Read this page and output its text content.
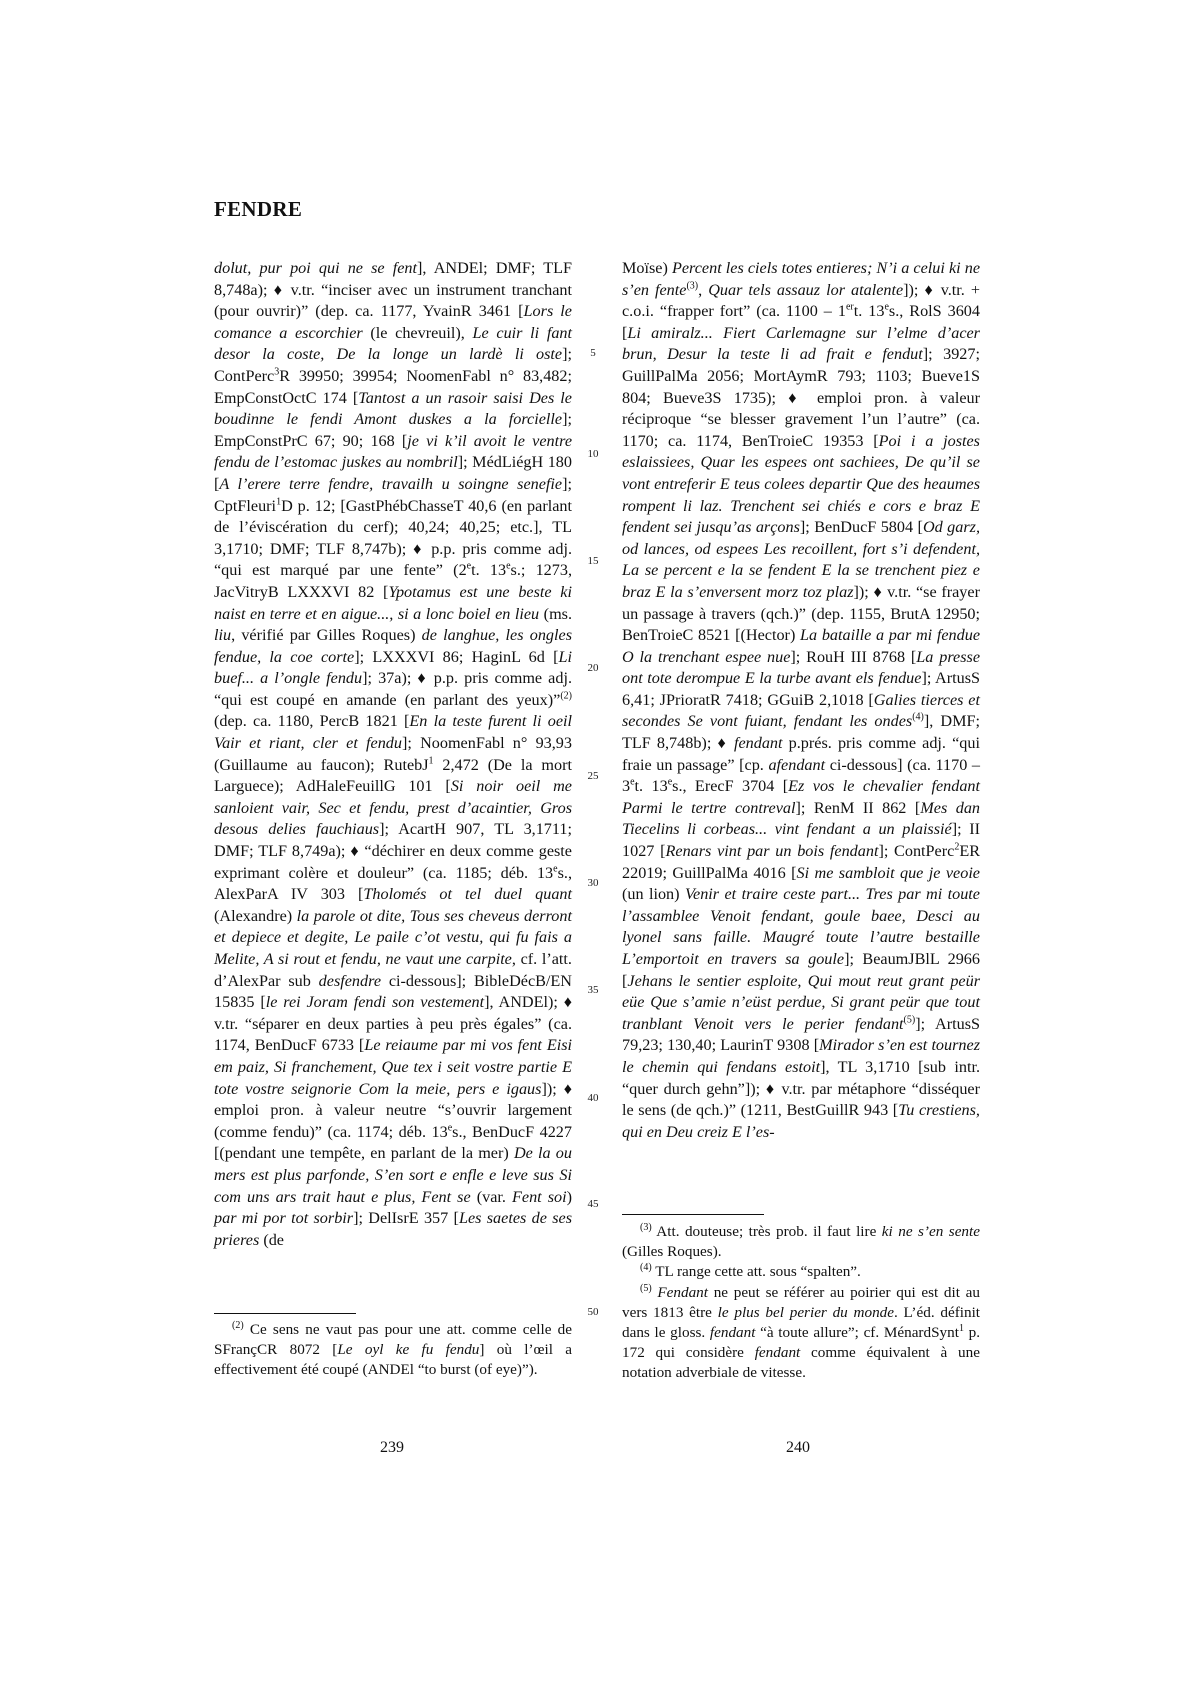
FENDRE

dolut, pur poi qui ne se fent], ANDEl; DMF; TLF 8,748a); ♦ v.tr. “inciser avec un instrument tranchant (pour ouvrir)” (dep. ca. 1177, YvainR 3461 [Lors le comance a escorchier (le chevreuil), Le cuir li fant desor la coste, De la longe un lardè li oste]; ContPerc$^3$R 39950; 39954; NoomenFabl n° 83,482; EmpConstOctC 174 [Tantost a un rasoir saisi Des le boudinne le fendi Amont duskes a la forcielle]; EmpConstPrC 67; 90; 168 [je vi k’il avoit le ventre fendu de l’estomac juskes au nombril]; MédLiégH 180 [A l’erere terre fendre, travailh u soingne senefie]; CptFleuri$^1$D p. 12; [GastPhébChasseT 40,6 (en parlant de l’éviscération du cerf); 40,24; 40,25; etc.], TL 3,1710; DMF; TLF 8,747b); ♦ p.p. pris comme adj. “qui est marqué par une fente” (2et. 13es.; 1273, JacVitryB LXXXVI 82 [Ypotamus est une beste ki naist en terre et en aigue..., si a lonc boiel en lieu (ms. liu, vérifié par Gilles Roques) de langhue, les ongles fendue, la coe corte]; LXXXVI 86; HaginL 6d [Li buef... a l’ongle fendu]; 37a); ♦ p.p. pris comme adj. “qui est coupé en amande (en parlant des yeux)”$^{(2)}$ (dep. ca. 1180, PercB 1821 [En la teste furent li oeil Vair et riant, cler et fendu]; NoomenFabl n° 93,93 (Guillaume au faucon); RutebJ$^1$ 2,472 (De la mort Larguece); AdHaleFeuillG 101 [Si noir oeil me sanloient vair, Sec et fendu, prest d’acaintier, Gros desous delies fauchiaus]; AcartH 907, TL 3,1711; DMF; TLF 8,749a); ♦ “déchirer en deux comme geste exprimant colère et douleur” (ca. 1185; déb. 13es., AlexParA IV 303 [Tholomés ot tel duel quant (Alexandre) la parole ot dite, Tous ses cheveus derront et depiece et degite, Le paile c’ot vestu, qui fu fais a Melite, A si rout et fendu, ne vaut une carpite, cf. l’att. d’AlexPar sub desfendre ci-dessous]; BibleDécB/EN 15835 [le rei Joram fendi son vestement], ANDEl); ♦ v.tr. “séparer en deux parties à peu près égales” (ca. 1174, BenDucF 6733 [Le reiaume par mi vos fent Eisi em paiz, Si franchement, Que tex i seit vostre partie E tote vostre seignorie Com la meie, pers e igaus]); ♦ emploi pron. à valeur neutre “s’ouvrir largement (comme fendu)” (ca. 1174; déb. 13es., BenDucF 4227 [(pendant une tempête, en parlant de la mer) De la ou mers est plus parfonde, S’en sort e enfle e leve sus Si com uns ars trait haut e plus, Fent se (var. Fent soi) par mi por tot sorbir]; DelIsrE 357 [Les saetes de ses prieres (de

Moïse) Percent les ciels totes entieres; N’i a celui ki ne s’en fente$^{(3)}$, Quar tels assauz lor atalente]); ♦ v.tr. + c.o.i. “frapper fort” (ca. 1100 – 1ert. 13es., RolS 3604 [Li amiralz... Fiert Carlemagne sur l’elme d’acer brun, Desur la teste li ad frait e fendut]; 3927; GuillPalMa 2056; MortAymR 793; 1103; Bueve1S 804; Bueve3S 1735); ♦ emploi pron. à valeur réciproque “se blesser gravement l’un l’autre” (ca. 1170; ca. 1174, BenTroieC 19353 [Poi i a jostes eslaissiees, Quar les espees ont sachiees, De qu’il se vont entreferir E teus colees departir Que des heaumes rompent li laz. Trenchent sei chiés e cors e braz E fendent sei jusqu’as arçons]; BenDucF 5804 [Od garz, od lances, od espees Les recoillent, fort s’i defendent, La se percent e la se fendent E la se trenchent piez e braz E la s’enversent morz toz plaz]); ♦ v.tr. “se frayer un passage à travers (qch.)” (dep. 1155, BrutA 12950; BenTroieC 8521 [(Hector) La bataille a par mi fendue O la trenchant espee nue]; RouH III 8768 [La presse ont tote derompue E la turbe avant els fendue]; ArtusS 6,41; JPrioratR 7418; GGuiB 2,1018 [Galies tierces et secondes Se vont fuiant, fendant les ondes$^{(4)}$], DMF; TLF 8,748b); ♦ fendant p.prés. pris comme adj. “qui fraie un passage” [cp. afendant ci-dessous] (ca. 1170 – 3et. 13es., ErecF 3704 [Ez vos le chevalier fendant Parmi le tertre contreval]; RenM II 862 [Mes dan Tiecelins li corbeas... vint fendant a un plaissié]; II 1027 [Renars vint par un bois fendant]; ContPerc$^2$ER 22019; GuillPalMa 4016 [Si me sambloit que je veoie (un lion) Venir et traire ceste part... Tres par mi toute l’assamblee Venoit fendant, goule baee, Desci au lyonel sans faille. Maugré toute l’autre bestaille L’emportoit en travers sa goule]; BeaumJBlL 2966 [Jehans le sentier esploite, Qui mout reut grant peür eüe Que s’amie n’eüst perdue, Si grant peür que tout tranblant Venoit vers le perier fendant$^{(5)}$]; ArtusS 79,23; 130,40; LaurinT 9308 [Mirador s’en est tournez le chemin qui fendans estoit], TL 3,1710 [sub intr. “quer durch gehn”]); ♦ v.tr. par métaphore “disséquer le sens (de qch.)” (1211, BestGuillR 943 [Tu crestiens, qui en Deu creiz E l’es-

5
10
15
20
25
30
35
40
45
50

$^{(2)}$ Ce sens ne vaut pas pour une att. comme celle de SFrançCR 8072 [Le oyl ke fu fendu] où l’œil a effectivement été coupé (ANDEl “to burst (of eye)”).

$^{(3)}$ Att. douteuse; très prob. il faut lire ki ne s’en sente (Gilles Roques).

$^{(4)}$ TL range cette att. sous “spalten”.

$^{(5)}$ Fendant ne peut se référer au poirier qui est dit au vers 1813 être le plus bel perier du monde. L’éd. définit dans le gloss. fendant “à toute allure”; cf. MénardSynt$^1$ p. 172 qui considère fendant comme équivalent à une notation adverbiale de vitesse.

239	240
